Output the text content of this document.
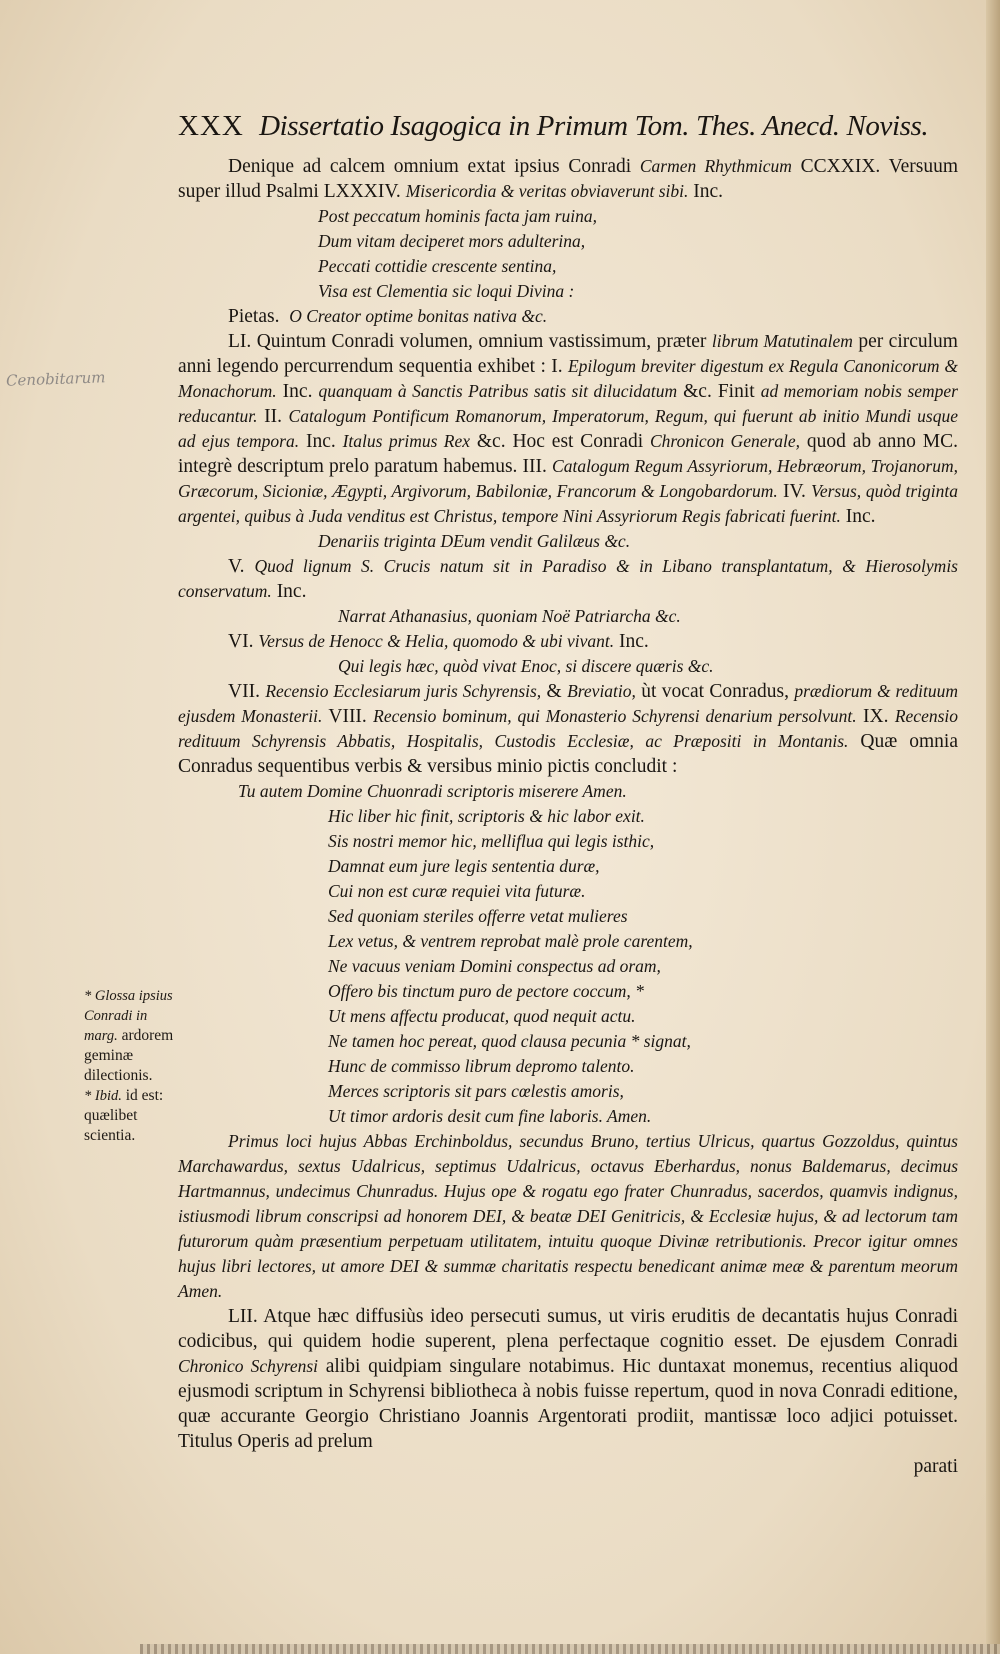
Cenobitarum
* Glossa ipsius Conradi in marg. ardorem geminæ dilectionis.
* Ibid. id est: quælibet scientia.
XXX Dissertatio Isagogica in Primum Tom. Thes. Anecd. Noviss.

Denique ad calcem omnium extat ipsius Conradi Carmen Rhythmicum CCXXIX. Versuum super illud Psalmi LXXXIV. Misericordia & veritas obviaverunt sibi. Inc.

Post peccatum hominis facta jam ruina,
Dum vitam deciperet mors adulterina,
Peccati cottidie crescente sentina,
Visa est Clementia sic loqui Divina :

Pietas. O Creator optime bonitas nativa &c.

LI. Quintum Conradi volumen, omnium vastissimum, præter librum Matutinalem per circulum anni legendo percurrendum sequentia exhibet : I. Epilogum breviter digestum ex Regula Canonicorum & Monachorum. Inc. quanquam à Sanctis Patribus satis sit dilucidatum &c. Finit ad memoriam nobis semper reducantur. II. Catalogum Pontificum Romanorum, Imperatorum, Regum, qui fuerunt ab initio Mundi usque ad ejus tempora. Inc. Italus primus Rex &c. Hoc est Conradi Chronicon Generale, quod ab anno MC. integrè descriptum prelo paratum habemus. III. Catalogum Regum Assyriorum, Hebræorum, Trojanorum, Græcorum, Sicioniæ, Ægypti, Argivorum, Babiloniæ, Francorum & Longobardorum. IV. Versus, quòd triginta argentei, quibus à Juda venditus est Christus, tempore Nini Assyriorum Regis fabricati fuerint. Inc.

Denariis triginta DEum vendit Galilæus &c.

V. Quod lignum S. Crucis natum sit in Paradiso & in Libano transplantatum, & Hierosolymis conservatum. Inc.

Narrat Athanasius, quoniam Noë Patriarcha &c.

VI. Versus de Henocc & Helia, quomodo & ubi vivant. Inc.

Qui legis hæc, quòd vivat Enoc, si discere quæris &c.

VII. Recensio Ecclesiarum juris Schyrensis, & Breviatio, ùt vocat Conradus, prædiorum & redituum ejusdem Monasterii. VIII. Recensio bominum, qui Monasterio Schyrensi denarium persolvunt. IX. Recensio redituum Schyrensis Abbatis, Hospitalis, Custodis Ecclesiæ, ac Præpositi in Montanis. Quæ omnia Conradus sequentibus verbis & versibus minio pictis concludit :

Tu autem Domine Chuonradi scriptoris miserere Amen.
Hic liber hic finit, scriptoris & hic labor exit.
Sis nostri memor hic, melliflua qui legis isthic,
Damnat eum jure legis sententia duræ,
Cui non est curæ requiei vita futuræ.
Sed quoniam steriles offerre vetat mulieres
Lex vetus, & ventrem reprobat malè prole carentem,
Ne vacuus veniam Domini conspectus ad oram,
Offero bis tinctum puro de pectore coccum, *
Ut mens affectu producat, quod nequit actu.
Ne tamen hoc pereat, quod clausa pecunia * signat,
Hunc de commisso librum depromo talento.
Merces scriptoris sit pars cœlestis amoris,
Ut timor ardoris desit cum fine laboris. Amen.

Primus loci hujus Abbas Erchinboldus, secundus Bruno, tertius Ulricus, quartus Gozzoldus, quintus Marchawardus, sextus Udalricus, septimus Udalricus, octavus Eberhardus, nonus Baldemarus, decimus Hartmannus, undecimus Chunradus. Hujus ope & rogatu ego frater Chunradus, sacerdos, quamvis indignus, istiusmodi librum conscripsi ad honorem DEI, & beatæ DEI Genitricis, & Ecclesiæ hujus, & ad lectorum tam futurorum quàm præsentium perpetuam utilitatem, intuitu quoque Divinæ retributionis. Precor igitur omnes hujus libri lectores, ut amore DEI & summæ charitatis respectu benedicant animæ meæ & parentum meorum Amen.

LII. Atque hæc diffusiùs ideo persecuti sumus, ut viris eruditis de decantatis hujus Conradi codicibus, qui quidem hodie superent, plena perfectaque cognitio esset. De ejusdem Conradi Chronico Schyrensi alibi quidpiam singulare notabimus. Hic duntaxat monemus, recentius aliquod ejusmodi scriptum in Schyrensi bibliotheca à nobis fuisse repertum, quod in nova Conradi editione, quæ accurante Georgio Christiano Joannis Argentorati prodiit, mantissæ loco adjici potuisset. Titulus Operis ad prelum

parati
